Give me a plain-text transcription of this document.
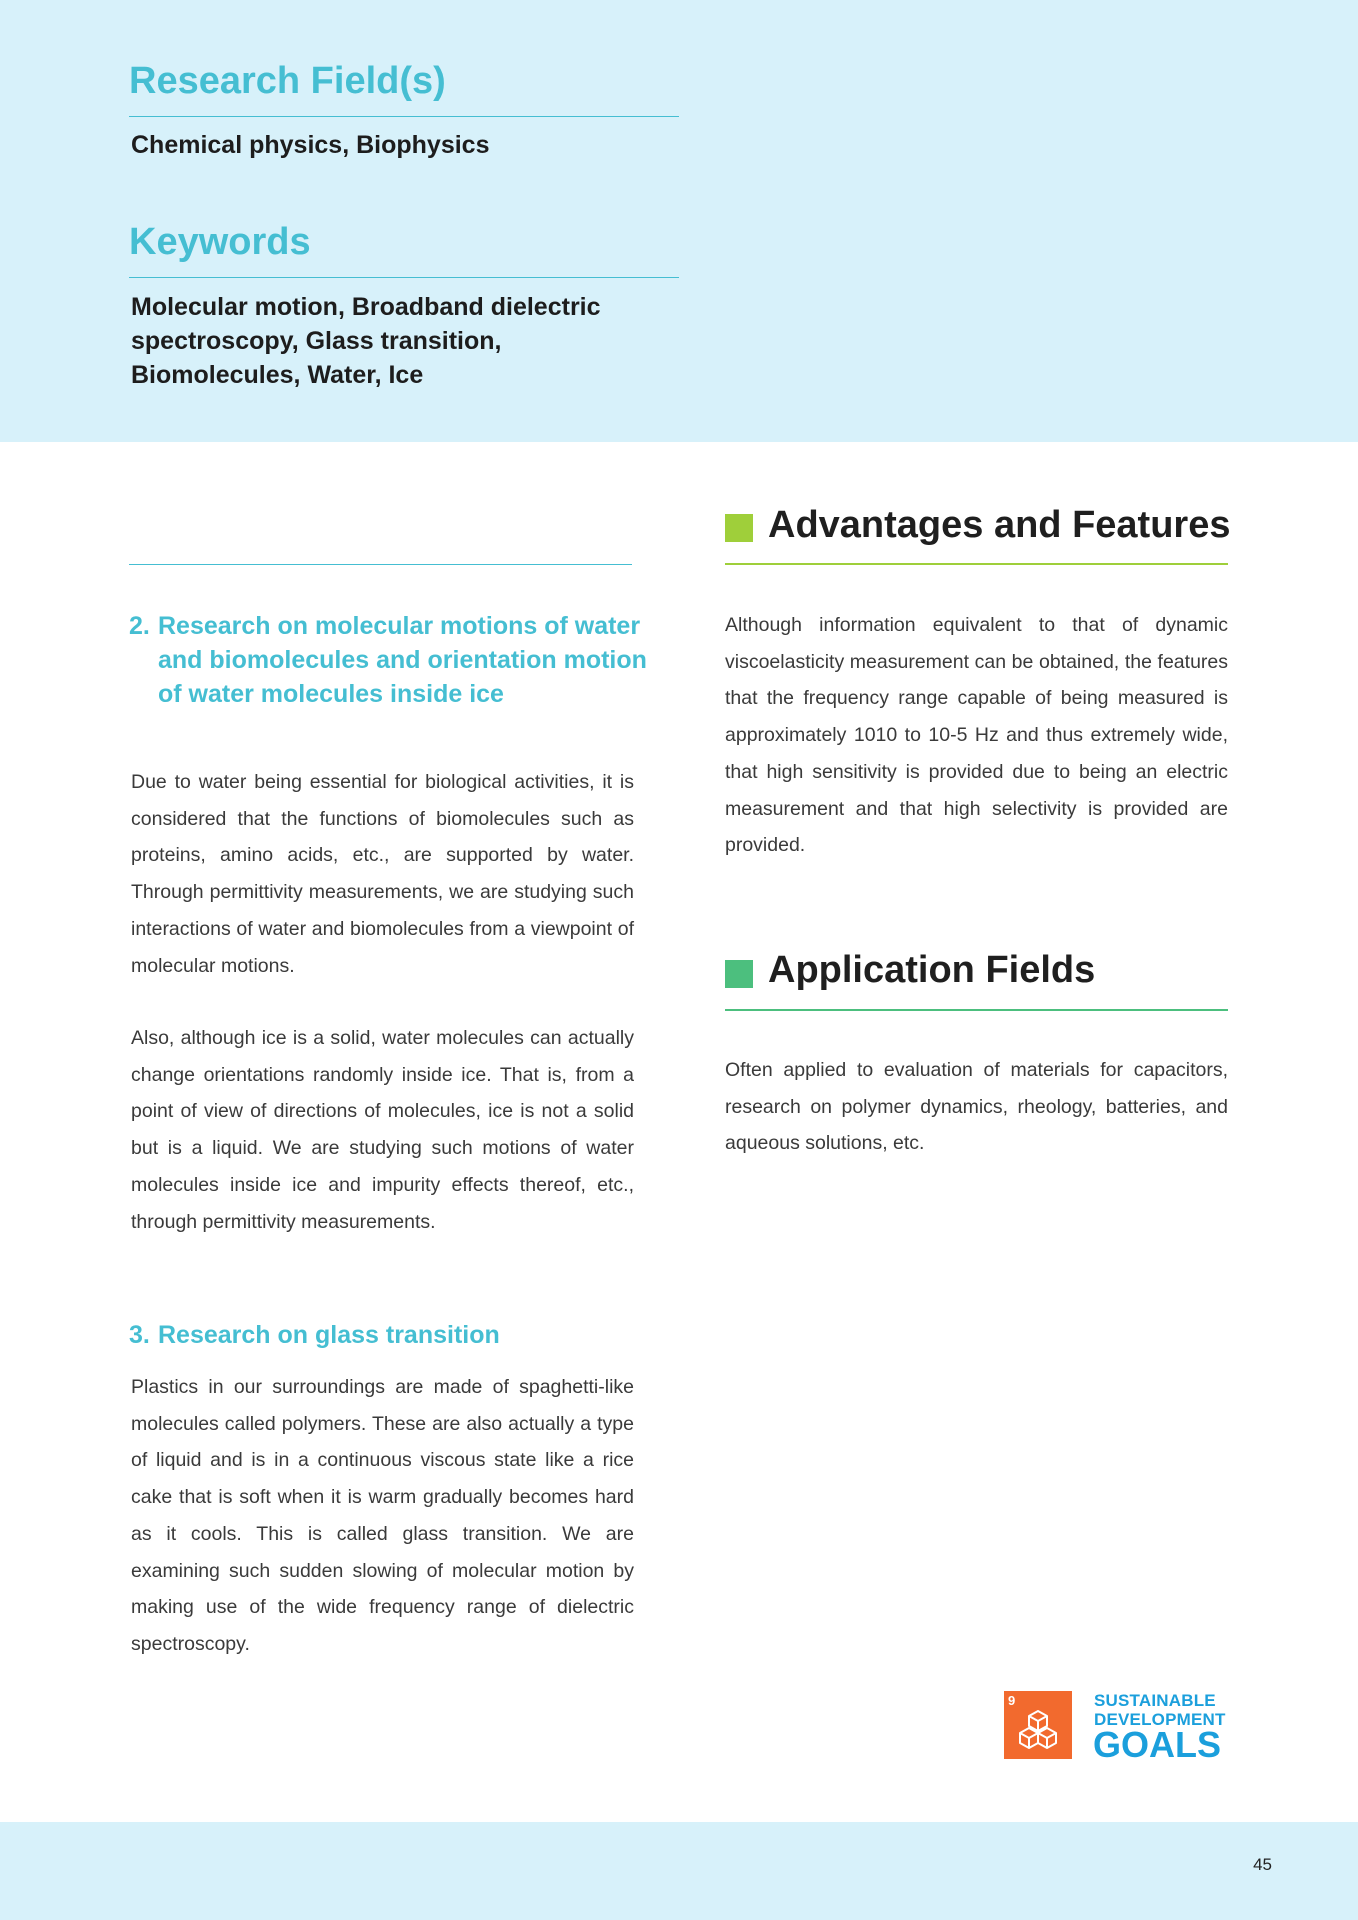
Research Field(s)

Chemical physics, Biophysics

Keywords

Molecular motion, Broadband dielectric spectroscopy, Glass transition, Biomolecules, Water, Ice

2. Research on molecular motions of water and biomolecules and orientation motion of water molecules inside ice

Due to water being essential for biological activities, it is considered that the functions of biomolecules such as proteins, amino acids, etc., are supported by water. Through permittivity measurements, we are studying such interactions of water and biomolecules from a viewpoint of molecular motions.

Also, although ice is a solid, water molecules can actually change orientations randomly inside ice. That is, from a point of view of directions of molecules, ice is not a solid but is a liquid. We are studying such motions of water molecules inside ice and impurity effects thereof, etc., through permittivity measurements.

3. Research on glass transition

Plastics in our surroundings are made of spaghetti-like molecules called polymers. These are also actually a type of liquid and is in a continuous viscous state like a rice cake that is soft when it is warm gradually becomes hard as it cools. This is called glass transition. We are examining such sudden slowing of molecular motion by making use of the wide frequency range of dielectric spectroscopy.

Advantages and Features

Although information equivalent to that of dynamic viscoelasticity measurement can be obtained, the features that the frequency range capable of being measured is approximately 1010 to 10-5 Hz and thus extremely wide, that high sensitivity is provided due to being an electric measurement and that high selectivity is provided are provided.

Application Fields

Often applied to evaluation of materials for capacitors, research on polymer dynamics, rheology, batteries, and aqueous solutions, etc.

9	SUSTAINABLE
DEVELOPMENT
GOALS
45
